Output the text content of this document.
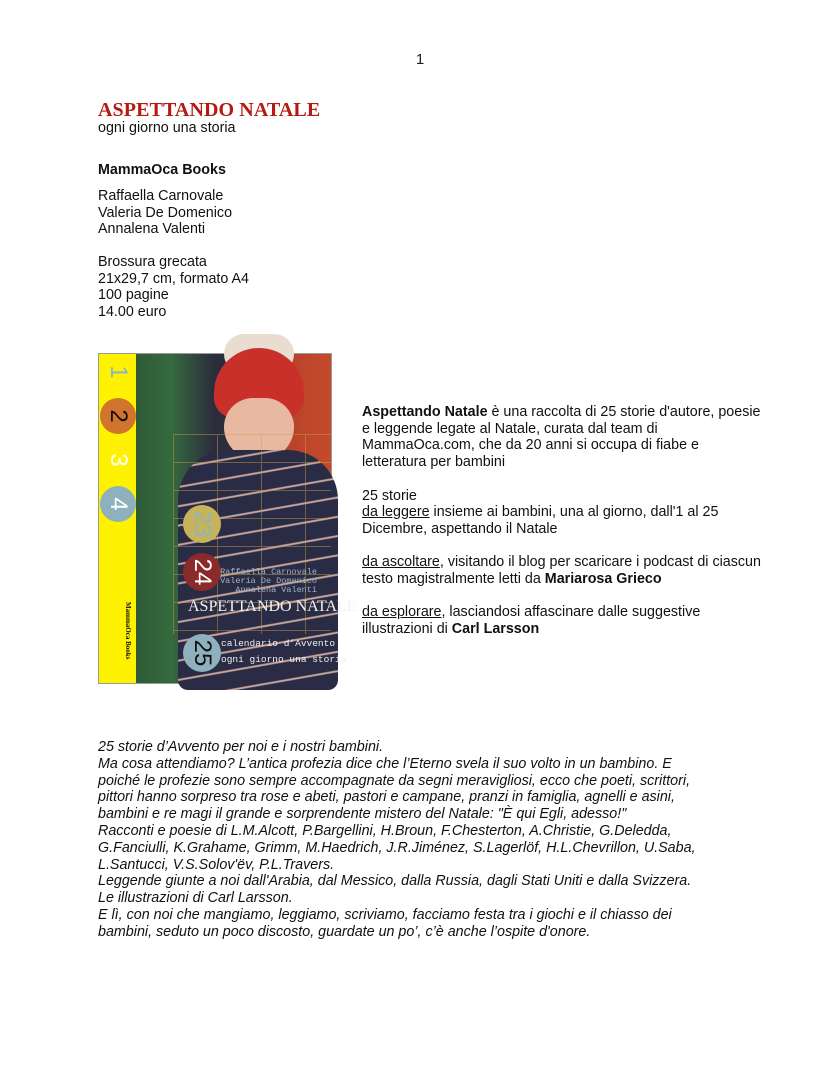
1
ASPETTANDO NATALE
ogni giorno una storia
MammaOca Books
Raffaella Carnovale
Valeria De Domenico
Annalena Valenti
Brossura grecata
21x29,7 cm, formato A4
100 pagine
14.00 euro
23
24
25
Raffaella Carnovale
Valeria De Domenico
Annalena Valenti
ASPETTANDO NATALE
calendario d’Avvento
ogni giorno una storia
1
2
3
4
MammaOca Books

Aspettando Natale è una raccolta di 25 storie d'autore, poesie e leggende legate al Natale, curata dal team di MammaOca.com, che da 20 anni si occupa di fiabe e letteratura per bambini

25 storie
da leggere insieme ai bambini, una al giorno, dall'1 al 25 Dicembre, aspettando il Natale

da ascoltare, visitando il blog per scaricare i podcast di ciascun testo magistralmente letti da Mariarosa Grieco

da esplorare, lasciandosi affascinare dalle suggestive illustrazioni di Carl Larsson

25 storie d’Avvento per noi e i nostri bambini.
Ma cosa attendiamo? L’antica profezia dice che l’Eterno svela il suo volto in un bambino. E
poiché le profezie sono sempre accompagnate da segni meravigliosi, ecco che poeti, scrittori,
pittori hanno sorpreso tra rose e abeti, pastori e campane, pranzi in famiglia, agnelli e asini,
bambini e re magi il grande e sorprendente mistero del Natale: "È qui Egli, adesso!"
Racconti e poesie di L.M.Alcott, P.Bargellini, H.Broun, F.Chesterton, A.Christie, G.Deledda,
G.Fanciulli, K.Grahame, Grimm, M.Haedrich, J.R.Jiménez, S.Lagerlöf, H.L.Chevrillon, U.Saba,
L.Santucci, V.S.Solov'ëv, P.L.Travers.
Leggende giunte a noi dall'Arabia, dal Messico, dalla Russia, dagli Stati Uniti e dalla Svizzera.
Le illustrazioni di Carl Larsson.
E lì, con noi che mangiamo, leggiamo, scriviamo, facciamo festa tra i giochi e il chiasso dei
bambini, seduto un poco discosto, guardate un po’, c’è anche l’ospite d'onore.
